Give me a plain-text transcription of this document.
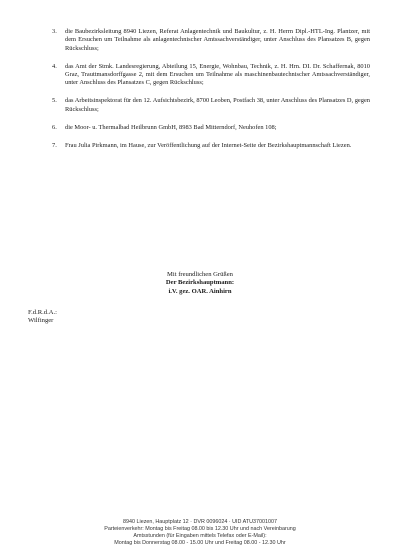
3. die Baubezirksleitung 8940 Liezen, Referat Anlagentechnik und Baukultur, z. H. Herrn Dipl.-HTL-Ing. Plantzer, mit dem Ersuchen um Teilnahme als anlagentechnischer Amtssachverständiger, unter Anschluss des Plansatzes B, gegen Rückschluss;
4. das Amt der Stmk. Landesregierung, Abteilung 15, Energie, Wohnbau, Technik, z. H. Hrn. DI. Dr. Schaffernak, 8010 Graz, Trauttmansdorffgasse 2, mit dem Ersuchen um Teilnahme als maschinenbautechnischer Amtssachverständiger, unter Anschluss des Plansatzes C, gegen Rückschluss;
5. das Arbeitsinspektorat für den 12. Aufsichtsbezirk, 8700 Leoben, Postfach 38, unter Anschluss des Plansatzes D, gegen Rückschluss;
6. die Moor- u. Thermalbad Heilbrunn GmbH, 8983 Bad Mitterndorf, Neuhofen 108;
7. Frau Julia Pirkmann, im Hause, zur Veröffentlichung auf der Internet-Seite der Bezirkshauptmannschaft Liezen.
Mit freundlichen Grüßen
Der Bezirkshauptmann:
i.V. gez. OAR. Ainhirn
F.d.R.d.A.:
Wilfinger
8940 Liezen, Hauptplatz 12 · DVR 0096024 · UID ATU37001007
Parteienverkehr: Montag bis Freitag 08.00 bis 12.30 Uhr und nach Vereinbarung
Amtsstunden (für Eingaben mittels Telefax oder E-Mail):
Montag bis Donnerstag 08.00 - 15.00 Uhr und Freitag 08.00 - 12.30 Uhr
